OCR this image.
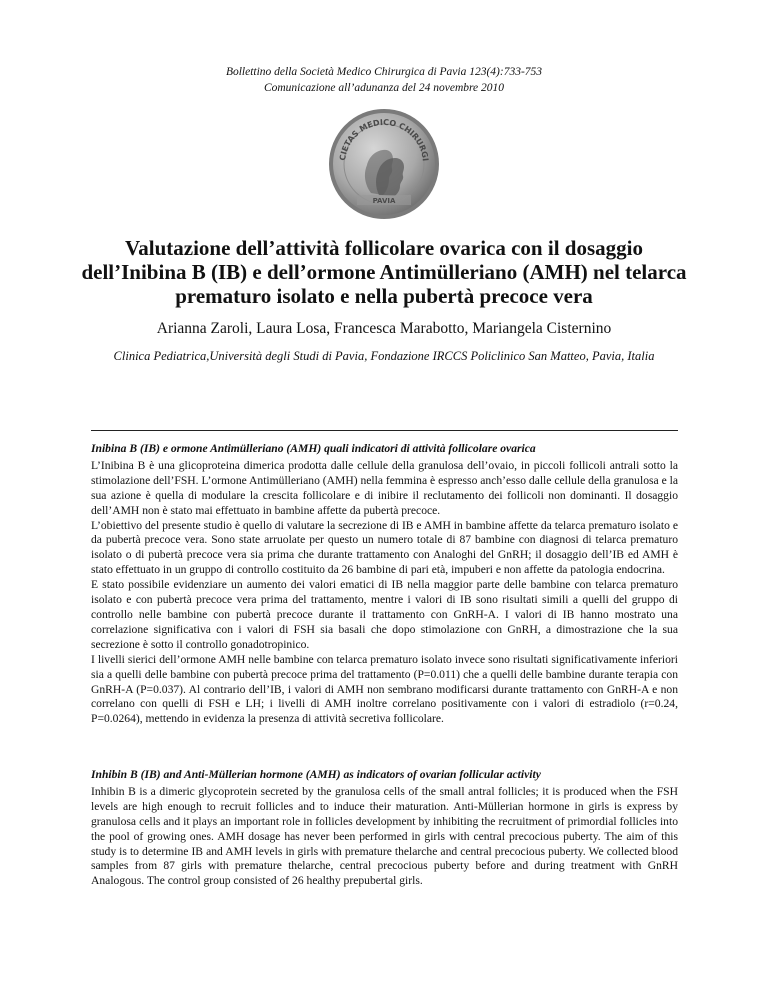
Bollettino della Società Medico Chirurgica di Pavia 123(4):733-753
Comunicazione all’adunanza del 24 novembre 2010
CIETAS MEDICO CHIRURGI
PAVIA
Valutazione dell’attività follicolare ovarica con il dosaggio dell’Inibina B (IB) e dell’ormone Antimülleriano (AMH) nel telarca prematuro isolato e nella pubertà precoce vera
Arianna Zaroli, Laura Losa, Francesca Marabotto, Mariangela Cisternino
Clinica Pediatrica,Università degli Studi di Pavia, Fondazione IRCCS Policlinico San Matteo, Pavia, Italia
Inibina B (IB) e ormone Antimülleriano (AMH) quali indicatori di attività follicolare ovarica

L’Inibina B è una glicoproteina dimerica prodotta dalle cellule della granulosa dell’ovaio, in piccoli follicoli antrali sotto la stimolazione dell’FSH. L’ormone Antimülleriano (AMH) nella femmina è espresso anch’esso dalle cellule della granulosa e la sua azione è quella di modulare la crescita follicolare e di inibire il reclutamento dei follicoli non dominanti. Il dosaggio dell’AMH non è stato mai effettuato in bambine affette da pubertà precoce.

L’obiettivo del presente studio è quello di valutare la secrezione di IB e AMH in bambine affette da telarca prematuro isolato e da pubertà precoce vera. Sono state arruolate per questo un numero totale di 87 bambine con diagnosi di telarca prematuro isolato o di pubertà precoce vera sia prima che durante trattamento con Analoghi del GnRH; il dosaggio dell’IB ed AMH è stato effettuato in un gruppo di controllo costituito da 26 bambine di pari età, impuberi e non affette da patologia endocrina.

E stato possibile evidenziare un aumento dei valori ematici di IB nella maggior parte delle bambine con telarca prematuro isolato e con pubertà precoce vera prima del trattamento, mentre i valori di IB sono risultati simili a quelli del gruppo di controllo nelle bambine con pubertà precoce durante il trattamento con GnRH-A. I valori di IB hanno mostrato una correlazione significativa con i valori di FSH sia basali che dopo stimolazione con GnRH, a dimostrazione che la sua secrezione è sotto il controllo gonadotropinico.

I livelli sierici dell’ormone AMH nelle bambine con telarca prematuro isolato invece sono risultati significativamente inferiori sia a quelli delle bambine con pubertà precoce prima del trattamento (P=0.011) che a quelli delle bambine durante terapia con GnRH-A (P=0.037). Al contrario dell’IB, i valori di AMH non sembrano modificarsi durante trattamento con GnRH-A e non correlano con quelli di FSH e LH; i livelli di AMH inoltre correlano positivamente con i valori di estradiolo (r=0.24, P=0.0264), mettendo in evidenza la presenza di attività secretiva follicolare.

Inhibin B (IB) and Anti-Müllerian hormone (AMH) as indicators of ovarian follicular activity

Inhibin B is a dimeric glycoprotein secreted by the granulosa cells of the small antral follicles; it is produced when the FSH levels are high enough to recruit follicles and to induce their maturation. Anti-Müllerian hormone in girls is express by granulosa cells and it plays an important role in follicles development by inhibiting the recruitment of primordial follicles into the pool of growing ones. AMH dosage has never been performed in girls with central precocious puberty. The aim of this study is to determine IB and AMH levels in girls with premature thelarche and central precocious puberty. We collected blood samples from 87 girls with premature thelarche, central precocious puberty before and during treatment with GnRH Analogous. The control group consisted of 26 healthy prepubertal girls.
